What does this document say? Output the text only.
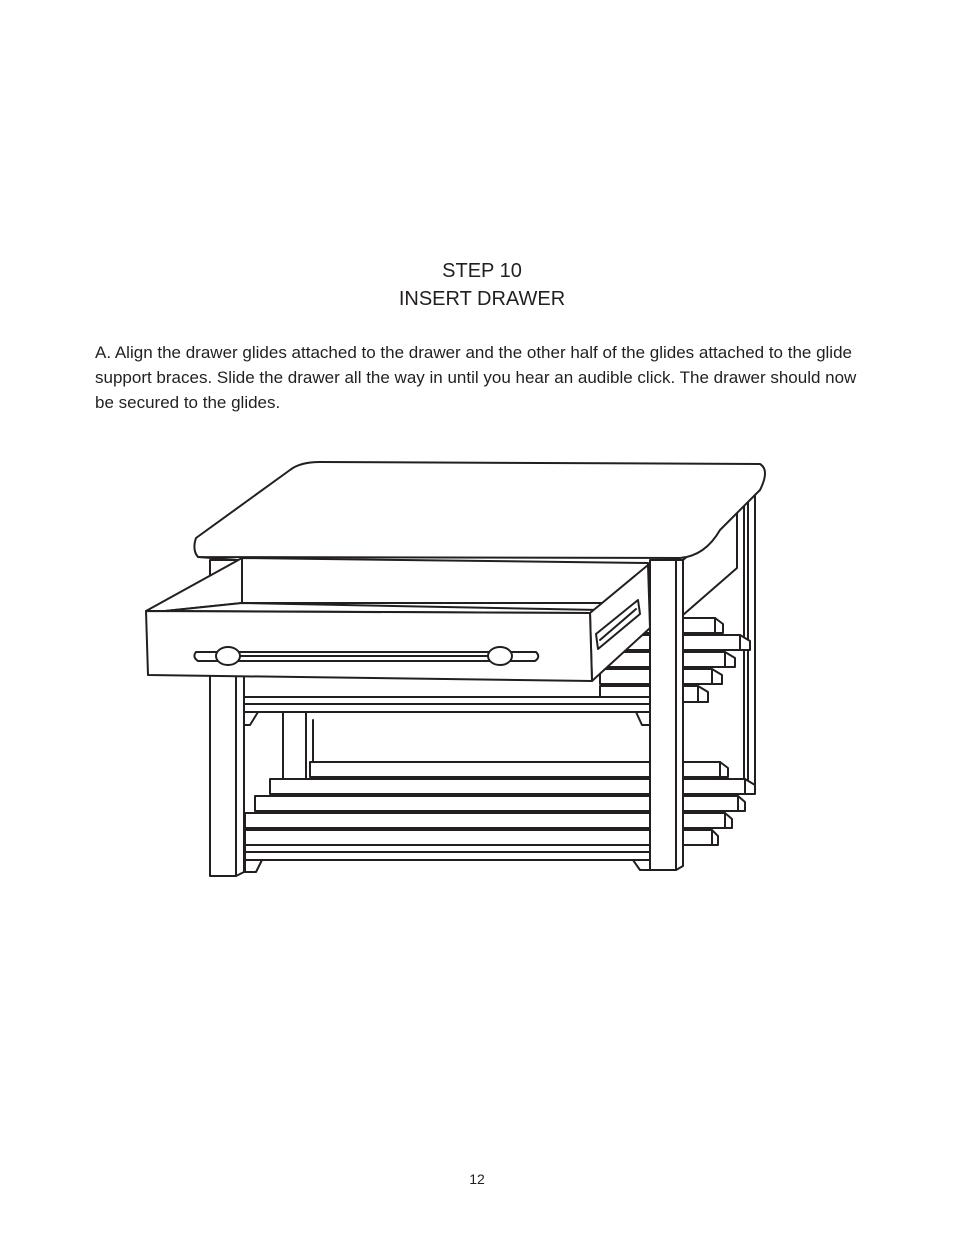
STEP 10
INSERT DRAWER

A. Align the drawer glides attached to the drawer and the other half of the glides attached to the glide support braces. Slide the drawer all the way in until you hear an audible click. The drawer should now be secured to the glides.

12
